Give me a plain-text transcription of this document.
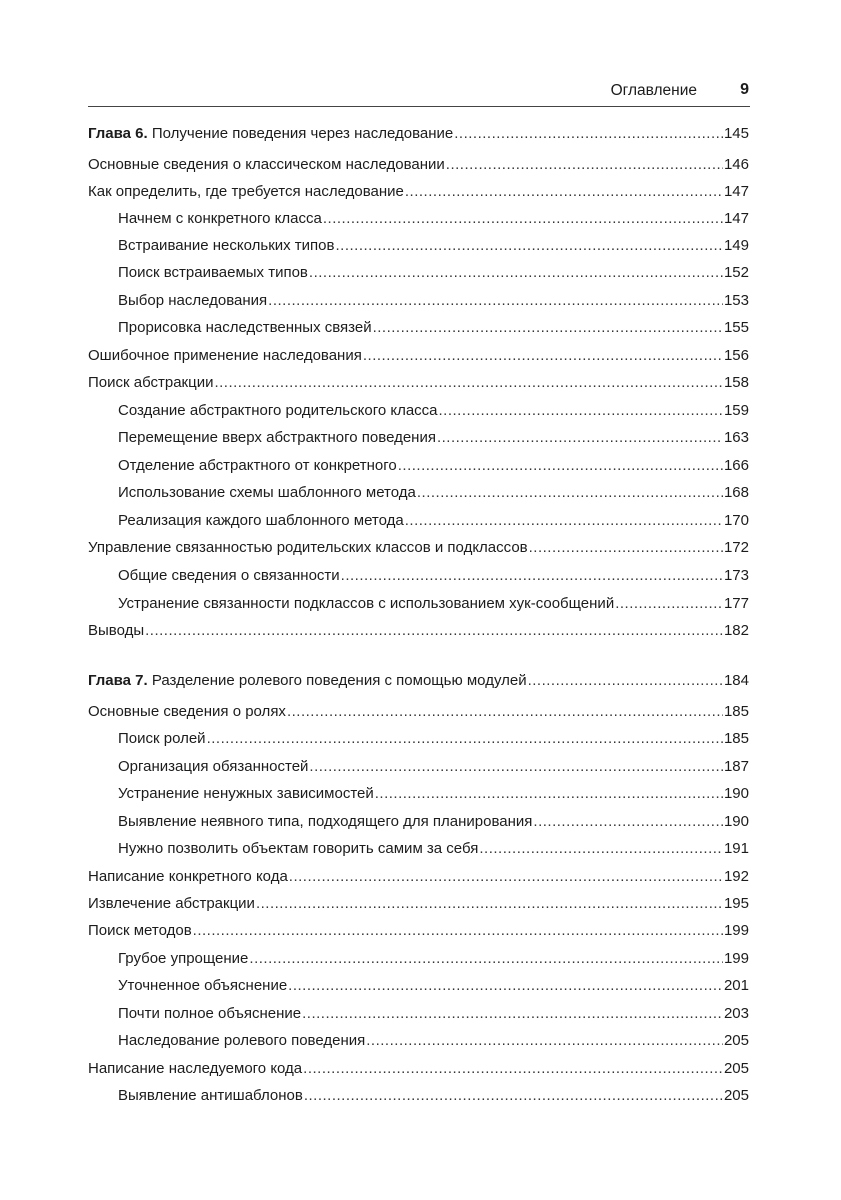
Оглавление	9
Глава 6. Получение поведения через наследование .....	145
Основные сведения о классическом наследовании .....	146
Как определить, где требуется наследование .....	147
Начнем с конкретного класса .....	147
Встраивание нескольких типов .....	149
Поиск встраиваемых типов .....	152
Выбор наследования .....	153
Прорисовка наследственных связей .....	155
Ошибочное применение наследования .....	156
Поиск абстракции .....	158
Создание абстрактного родительского класса .....	159
Перемещение вверх абстрактного поведения .....	163
Отделение абстрактного от конкретного .....	166
Использование схемы шаблонного метода .....	168
Реализация каждого шаблонного метода .....	170
Управление связанностью родительских классов и подклассов .....	172
Общие сведения о связанности .....	173
Устранение связанности подклассов с использованием хук-сообщений .....	177
Выводы .....	182
Глава 7. Разделение ролевого поведения с помощью модулей .....	184
Основные сведения о ролях .....	185
Поиск ролей .....	185
Организация обязанностей .....	187
Устранение ненужных зависимостей .....	190
Выявление неявного типа, подходящего для планирования .....	190
Нужно позволить объектам говорить самим за себя .....	191
Написание конкретного кода .....	192
Извлечение абстракции .....	195
Поиск методов .....	199
Грубое упрощение .....	199
Уточненное объяснение .....	201
Почти полное объяснение .....	203
Наследование ролевого поведения .....	205
Написание наследуемого кода .....	205
Выявление антишаблонов .....	205
